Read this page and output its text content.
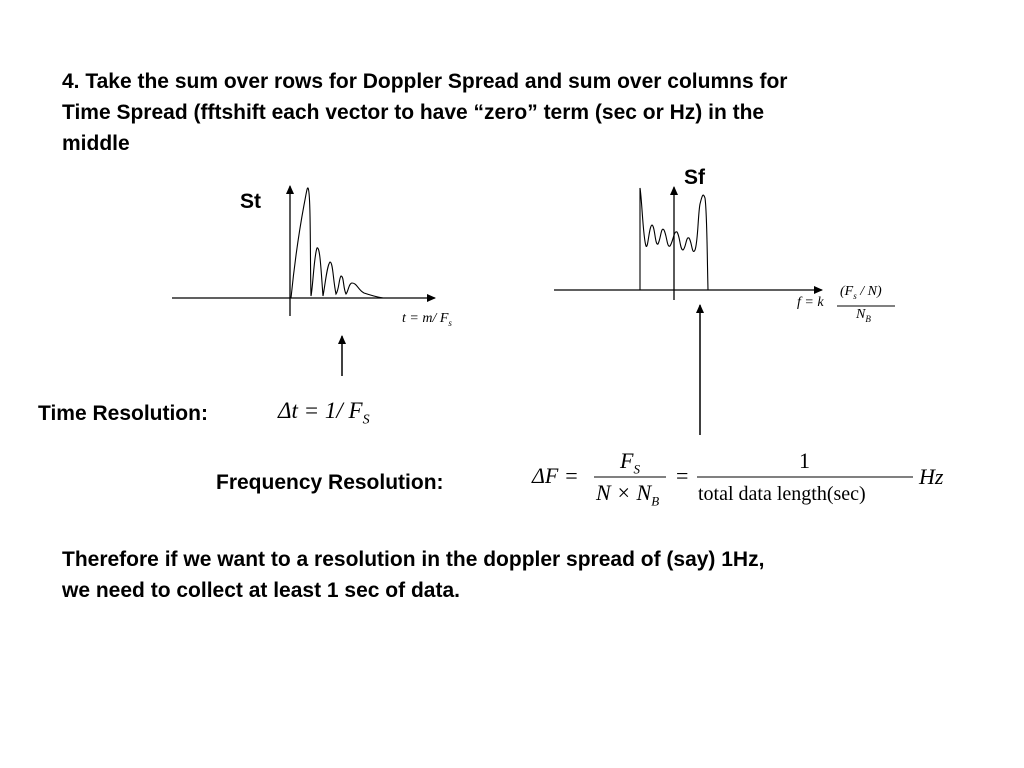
4. Take the sum over rows for Doppler Spread and sum over columns for
Time Spread (fftshift each vector to have “zero” term (sec or Hz) in the
middle
St
t = m/ $F_s$
Sf
f = k
$(F_s / N)$
$N_B$
Time Resolution:	Δt = 1/ $F_S$
Frequency Resolution:	ΔF =
$F_S$
$N \times N_B$
=
1
total data length(sec)
Hz
Therefore if we want to a resolution in the doppler spread of (say) 1Hz,
we need to collect at least 1 sec of data.
